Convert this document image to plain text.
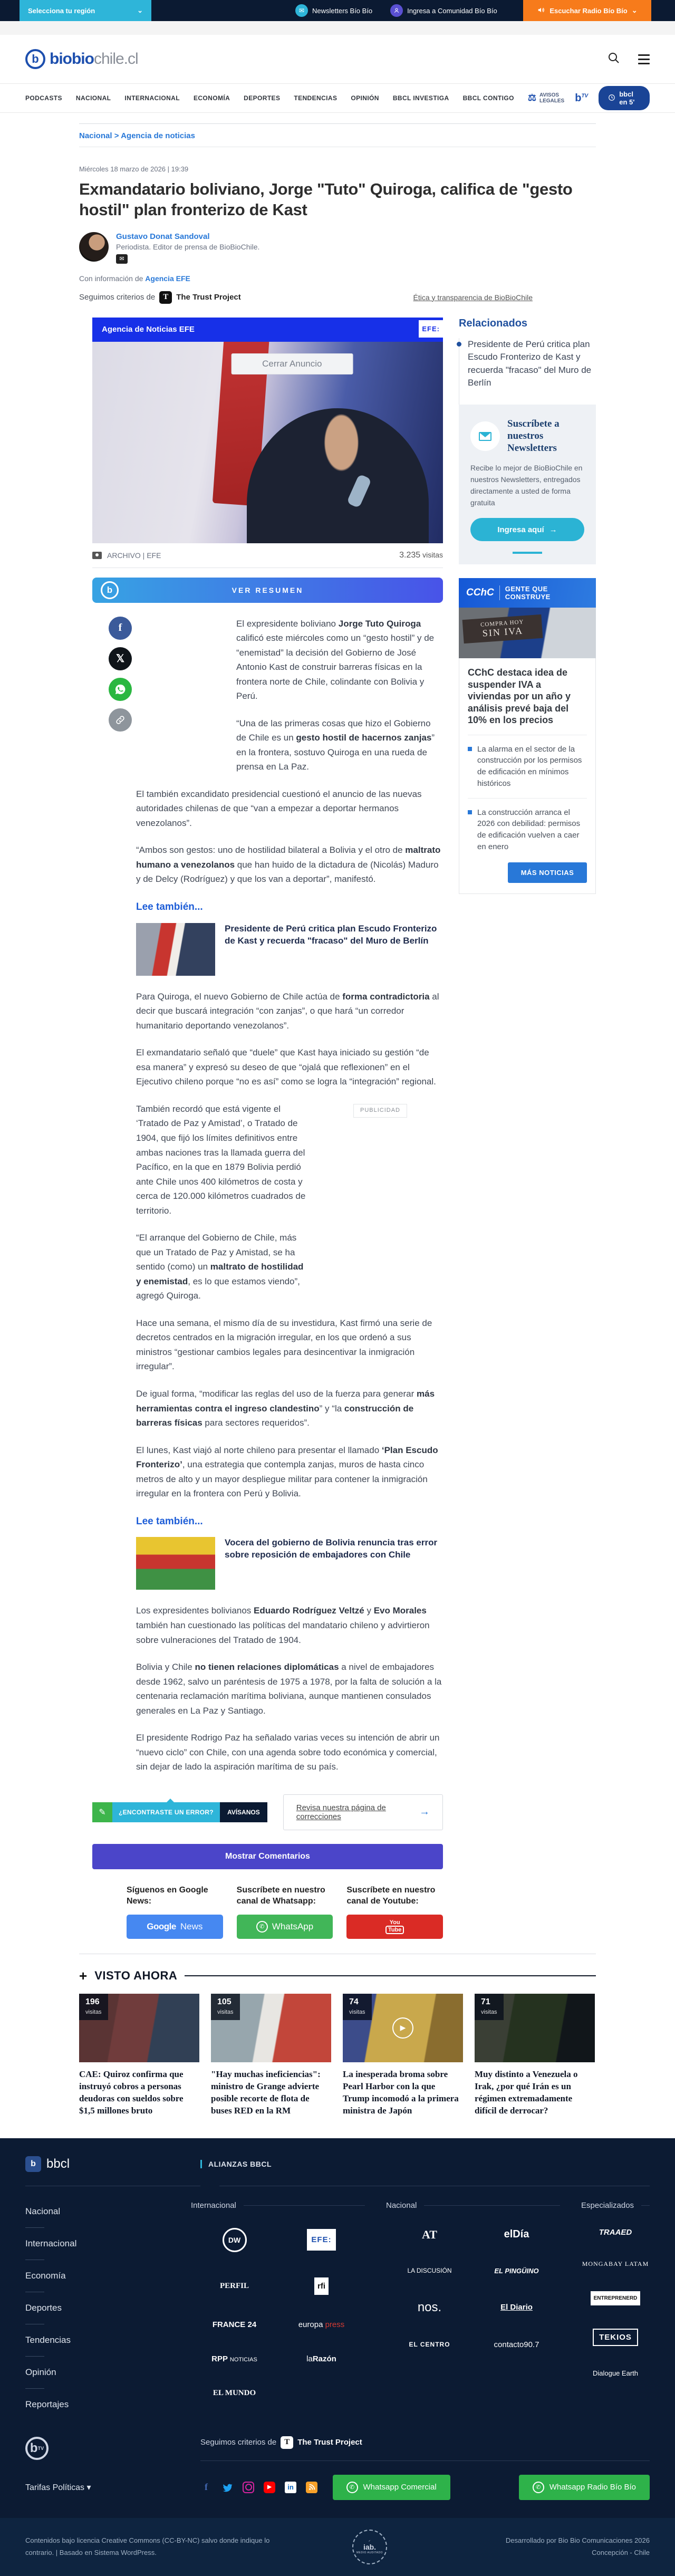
Selecciona tu región	⌄	✉	Newsletters Bío Bío	Ingresa a Comunidad Bío Bío	Escuchar Radio Bío Bío ⌄
b biobiochile.cl
PODCASTS NACIONAL INTERNACIONAL ECONOMÍA DEPORTES TENDENCIAS OPINIÓN BBCL INVESTIGA BBCL CONTIGO ⚖ AVISOS
LEGALES $b^{TV}$	bbcl en 5'
Nacional > Agencia de noticias
Miércoles 18 marzo de 2026 | 19:39
Exmandatario boliviano, Jorge "Tuto" Quiroga, califica de "gesto hostil" plan fronterizo de Kast
Gustavo Donat Sandoval
Periodista. Editor de prensa de BioBioChile.
✉
Con información de Agencia EFE
Seguimos criterios de T	The Trust Project	Ética y transparencia de BioBioChile
Agencia de Noticias EFE	EFE:
Cerrar Anuncio
ARCHIVO | EFE	3.235 visitas
b	VER RESUMEN
f
𝕏

El expresidente boliviano Jorge Tuto Quiroga calificó este miércoles como un “gesto hostil” y de “enemistad” la decisión del Gobierno de José Antonio Kast de construir barreras físicas en la frontera norte de Chile, colindante con Bolivia y Perú.

“Una de las primeras cosas que hizo el Gobierno de Chile es un gesto hostil de hacernos zanjas” en la frontera, sostuvo Quiroga en una rueda de prensa en La Paz.

El también excandidato presidencial cuestionó el anuncio de las nuevas autoridades chilenas de que “van a empezar a deportar hermanos venezolanos”.

“Ambos son gestos: uno de hostilidad bilateral a Bolivia y el otro de maltrato humano a venezolanos que han huido de la dictadura de (Nicolás) Maduro y de Delcy (Rodríguez) y que los van a deportar”, manifestó.

Lee también...
Presidente de Perú critica plan Escudo Fronterizo de Kast y recuerda "fracaso" del Muro de Berlín

Para Quiroga, el nuevo Gobierno de Chile actúa de forma contradictoria al decir que buscará integración “con zanjas”, o que hará “un corredor humanitario deportando venezolanos”.

El exmandatario señaló que “duele” que Kast haya iniciado su gestión “de esa manera” y expresó su deseo de que “ojalá que reflexionen” en el Ejecutivo chileno porque “no es así” como se logra la “integración” regional.

PUBLICIDAD

También recordó que está vigente el ‘Tratado de Paz y Amistad’, o Tratado de 1904, que fijó los límites definitivos entre ambas naciones tras la llamada guerra del Pacífico, en la que en 1879 Bolivia perdió ante Chile unos 400 kilómetros de costa y cerca de 120.000 kilómetros cuadrados de territorio.

“El arranque del Gobierno de Chile, más que un Tratado de Paz y Amistad, se ha sentido (como) un maltrato de hostilidad y enemistad, es lo que estamos viendo”, agregó Quiroga.

Hace una semana, el mismo día de su investidura, Kast firmó una serie de decretos centrados en la migración irregular, en los que ordenó a sus ministros “gestionar cambios legales para desincentivar la inmigración irregular”.

De igual forma, “modificar las reglas del uso de la fuerza para generar más herramientas contra el ingreso clandestino” y “la construcción de barreras físicas para sectores requeridos”.

El lunes, Kast viajó al norte chileno para presentar el llamado ‘Plan Escudo Fronterizo’, una estrategia que contempla zanjas, muros de hasta cinco metros de alto y un mayor despliegue militar para contener la inmigración irregular en la frontera con Perú y Bolivia.

Lee también...
Vocera del gobierno de Bolivia renuncia tras error sobre reposición de embajadores con Chile

Los expresidentes bolivianos Eduardo Rodríguez Veltzé y Evo Morales también han cuestionado las políticas del mandatario chileno y advirtieron sobre vulneraciones del Tratado de 1904.

Bolivia y Chile no tienen relaciones diplomáticas a nivel de embajadores desde 1962, salvo un paréntesis de 1975 a 1978, por la falta de solución a la centenaria reclamación marítima boliviana, aunque mantienen consulados generales en La Paz y Santiago.

El presidente Rodrigo Paz ha señalado varias veces su intención de abrir un “nuevo ciclo” con Chile, con una agenda sobre todo económica y comercial, sin dejar de lado la aspiración marítima de su país.

✎	¿ENCONTRASTE UN ERROR?	AVÍSANOS	Revisa nuestra página de correcciones	→
Mostrar Comentarios
Síguenos en Google News:
Google News
Suscríbete en nuestro canal de Whatsapp:
✆ WhatsApp
Suscríbete en nuestro canal de Youtube:
You
Tube
Relacionados
Presidente de Perú critica plan Escudo Fronterizo de Kast y recuerda "fracaso" del Muro de Berlín
Suscríbete a nuestros Newsletters
Recibe lo mejor de BioBioChile en nuestros Newsletters, entregados directamente a usted de forma gratuita
Ingresa aquí →
CChC GENTE QUE CONSTRUYE
COMPRA HOY
SIN IVA
CChC destaca idea de suspender IVA a viviendas por un año y análisis prevé baja del 10% en los precios
La alarma en el sector de la construcción por los permisos de edificación en mínimos históricos
La construcción arranca el 2026 con debilidad: permisos de edificación vuelven a caer en enero
MÁS NOTICIAS
+ VISTO AHORA
196
visitas
CAE: Quiroz confirma que instruyó cobros a personas deudoras con sueldos sobre $1,5 millones bruto
105
visitas
"Hay muchas ineficiencias": ministro de Grange advierte posible recorte de flota de buses RED en la RM
74
visitas
▶
La inesperada broma sobre Pearl Harbor con la que Trump incomodó a la primera ministra de Japón
71
visitas
Muy distinto a Venezuela o Irak, ¿por qué Irán es un régimen extremadamente difícil de derrocar?
b bbcl	ALIANZAS BBCL
Nacional
Internacional
Economía
Deportes
Tendencias
Opinión
Reportajes
Internacional
DW	EFE:
PERFIL	rfi
FRANCE 24	europa press
RPP NOTICIAS	laRazón
EL MUNDO
Nacional
AT	elDía
LA DISCUSIÓN	EL PINGÜINO
nos.	El Diario
EL CENTRO	contacto90.7
Especializados
TRAAED
MONGABAY LATAM
ENTREPRENERD
TEKIOS
Dialogue Earth
b TV
Seguimos criterios de T	The Trust Project
Tarifas Políticas ▾	f	▶	in	✆	Whatsapp Comercial	✆	Whatsapp Radio Bío Bío
Contenidos bajo licencia Creative Commons (CC-BY-NC) salvo donde indique lo
contrario. | Basado en Sistema WordPress.
✓
iab.
MEDIO AUDITADO
Desarrollado por Bio Bio Comunicaciones 2026
Concepción - Chile
